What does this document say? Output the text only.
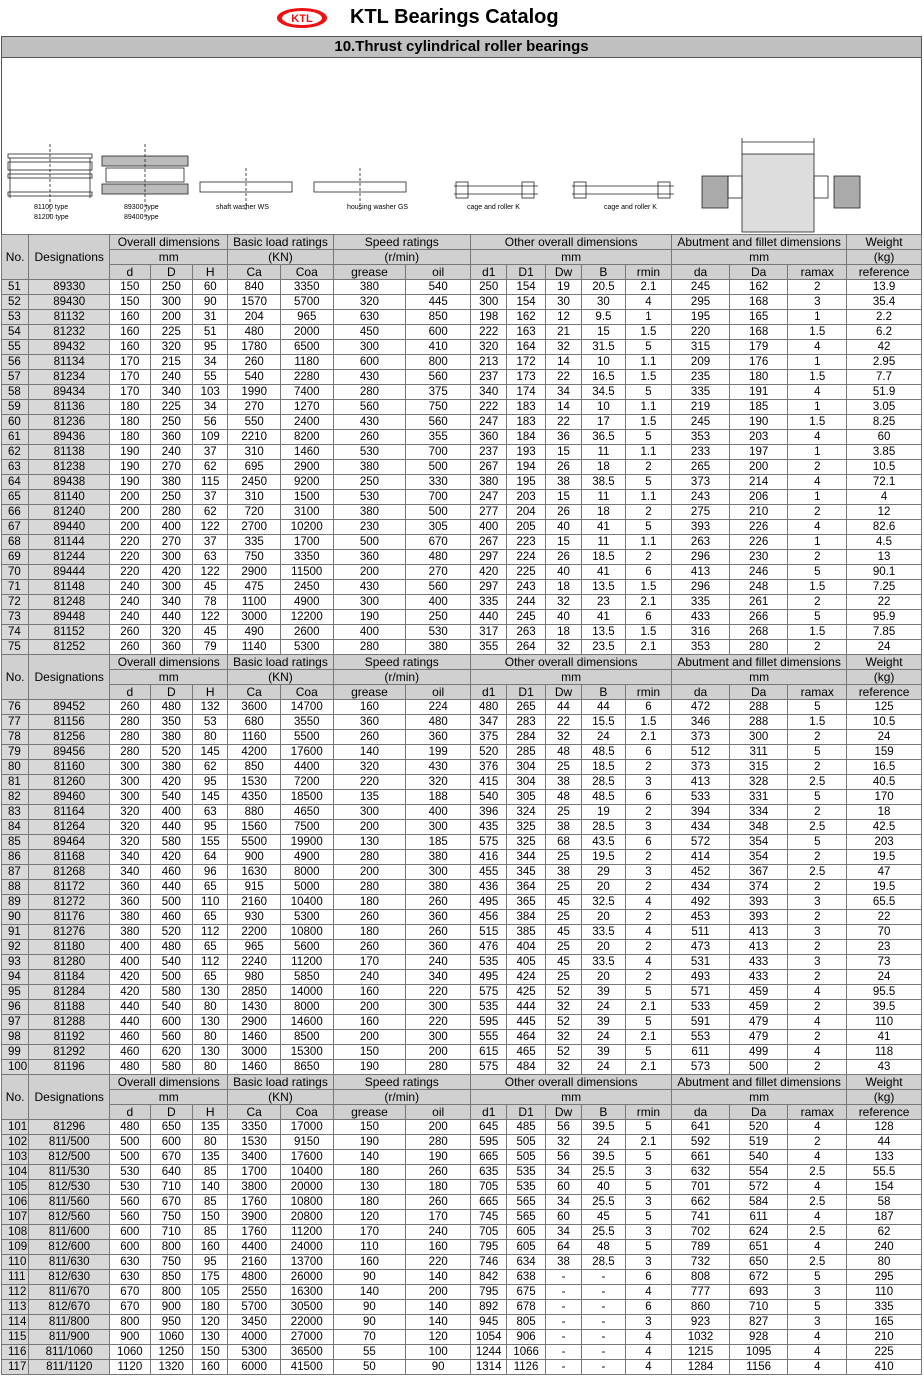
KTL KTL Bearings Catalog
10.Thrust cylindrical roller bearings
81100 type
81200 type
89300 type
89400 type
shaft washer WS	housing washer GS	cage and roller K	cage and roller K
No.	Designations	Overall dimensions			Basic load ratings		Speed ratings		Other overall dimensions					Abutment and fillet dimensions			Weight
		mm			(KN)		(r/min)		mm					mm			(kg)
		d	D	H	Ca	Coa	grease	oil	d1	D1	Dw	B	rmin	da	Da	ramax	reference
51	89330	150	250	60	840	3350	380	540	250	154	19	20.5	2.1	245	162	2	13.9
52	89430	150	300	90	1570	5700	320	445	300	154	30	30	4	295	168	3	35.4
53	81132	160	200	31	204	965	630	850	198	162	12	9.5	1	195	165	1	2.2
54	81232	160	225	51	480	2000	450	600	222	163	21	15	1.5	220	168	1.5	6.2
55	89432	160	320	95	1780	6500	300	410	320	164	32	31.5	5	315	179	4	42
56	81134	170	215	34	260	1180	600	800	213	172	14	10	1.1	209	176	1	2.95
57	81234	170	240	55	540	2280	430	560	237	173	22	16.5	1.5	235	180	1.5	7.7
58	89434	170	340	103	1990	7400	280	375	340	174	34	34.5	5	335	191	4	51.9
59	81136	180	225	34	270	1270	560	750	222	183	14	10	1.1	219	185	1	3.05
60	81236	180	250	56	550	2400	430	560	247	183	22	17	1.5	245	190	1.5	8.25
61	89436	180	360	109	2210	8200	260	355	360	184	36	36.5	5	353	203	4	60
62	81138	190	240	37	310	1460	530	700	237	193	15	11	1.1	233	197	1	3.85
63	81238	190	270	62	695	2900	380	500	267	194	26	18	2	265	200	2	10.5
64	89438	190	380	115	2450	9200	250	330	380	195	38	38.5	5	373	214	4	72.1
65	81140	200	250	37	310	1500	530	700	247	203	15	11	1.1	243	206	1	4
66	81240	200	280	62	720	3100	380	500	277	204	26	18	2	275	210	2	12
67	89440	200	400	122	2700	10200	230	305	400	205	40	41	5	393	226	4	82.6
68	81144	220	270	37	335	1700	500	670	267	223	15	11	1.1	263	226	1	4.5
69	81244	220	300	63	750	3350	360	480	297	224	26	18.5	2	296	230	2	13
70	89444	220	420	122	2900	11500	200	270	420	225	40	41	6	413	246	5	90.1
71	81148	240	300	45	475	2450	430	560	297	243	18	13.5	1.5	296	248	1.5	7.25
72	81248	240	340	78	1100	4900	300	400	335	244	32	23	2.1	335	261	2	22
73	89448	240	440	122	3000	12200	190	250	440	245	40	41	6	433	266	5	95.9
74	81152	260	320	45	490	2600	400	530	317	263	18	13.5	1.5	316	268	1.5	7.85
75	81252	260	360	79	1140	5300	280	380	355	264	32	23.5	2.1	353	280	2	24
No.	Designations	Overall dimensions			Basic load ratings		Speed ratings		Other overall dimensions					Abutment and fillet dimensions			Weight
		mm			(KN)		(r/min)		mm					mm			(kg)
		d	D	H	Ca	Coa	grease	oil	d1	D1	Dw	B	rmin	da	Da	ramax	reference
76	89452	260	480	132	3600	14700	160	224	480	265	44	44	6	472	288	5	125
77	81156	280	350	53	680	3550	360	480	347	283	22	15.5	1.5	346	288	1.5	10.5
78	81256	280	380	80	1160	5500	260	360	375	284	32	24	2.1	373	300	2	24
79	89456	280	520	145	4200	17600	140	199	520	285	48	48.5	6	512	311	5	159
80	81160	300	380	62	850	4400	320	430	376	304	25	18.5	2	373	315	2	16.5
81	81260	300	420	95	1530	7200	220	320	415	304	38	28.5	3	413	328	2.5	40.5
82	89460	300	540	145	4350	18500	135	188	540	305	48	48.5	6	533	331	5	170
83	81164	320	400	63	880	4650	300	400	396	324	25	19	2	394	334	2	18
84	81264	320	440	95	1560	7500	200	300	435	325	38	28.5	3	434	348	2.5	42.5
85	89464	320	580	155	5500	19900	130	185	575	325	68	43.5	6	572	354	5	203
86	81168	340	420	64	900	4900	280	380	416	344	25	19.5	2	414	354	2	19.5
87	81268	340	460	96	1630	8000	200	300	455	345	38	29	3	452	367	2.5	47
88	81172	360	440	65	915	5000	280	380	436	364	25	20	2	434	374	2	19.5
89	81272	360	500	110	2160	10400	180	260	495	365	45	32.5	4	492	393	3	65.5
90	81176	380	460	65	930	5300	260	360	456	384	25	20	2	453	393	2	22
91	81276	380	520	112	2200	10800	180	260	515	385	45	33.5	4	511	413	3	70
92	81180	400	480	65	965	5600	260	360	476	404	25	20	2	473	413	2	23
93	81280	400	540	112	2240	11200	170	240	535	405	45	33.5	4	531	433	3	73
94	81184	420	500	65	980	5850	240	340	495	424	25	20	2	493	433	2	24
95	81284	420	580	130	2850	14000	160	220	575	425	52	39	5	571	459	4	95.5
96	81188	440	540	80	1430	8000	200	300	535	444	32	24	2.1	533	459	2	39.5
97	81288	440	600	130	2900	14600	160	220	595	445	52	39	5	591	479	4	110
98	81192	460	560	80	1460	8500	200	300	555	464	32	24	2.1	553	479	2	41
99	81292	460	620	130	3000	15300	150	200	615	465	52	39	5	611	499	4	118
100	81196	480	580	80	1460	8650	190	280	575	484	32	24	2.1	573	500	2	43
No.	Designations	Overall dimensions			Basic load ratings		Speed ratings		Other overall dimensions					Abutment and fillet dimensions			Weight
		mm			(KN)		(r/min)		mm					mm			(kg)
		d	D	H	Ca	Coa	grease	oil	d1	D1	Dw	B	rmin	da	Da	ramax	reference
101	81296	480	650	135	3350	17000	150	200	645	485	56	39.5	5	641	520	4	128
102	811/500	500	600	80	1530	9150	190	280	595	505	32	24	2.1	592	519	2	44
103	812/500	500	670	135	3400	17600	140	190	665	505	56	39.5	5	661	540	4	133
104	811/530	530	640	85	1700	10400	180	260	635	535	34	25.5	3	632	554	2.5	55.5
105	812/530	530	710	140	3800	20000	130	180	705	535	60	40	5	701	572	4	154
106	811/560	560	670	85	1760	10800	180	260	665	565	34	25.5	3	662	584	2.5	58
107	812/560	560	750	150	3900	20800	120	170	745	565	60	45	5	741	611	4	187
108	811/600	600	710	85	1760	11200	170	240	705	605	34	25.5	3	702	624	2.5	62
109	812/600	600	800	160	4400	24000	110	160	795	605	64	48	5	789	651	4	240
110	811/630	630	750	95	2160	13700	160	220	746	634	38	28.5	3	732	650	2.5	80
111	812/630	630	850	175	4800	26000	90	140	842	638	-	-	6	808	672	5	295
112	811/670	670	800	105	2550	16300	140	200	795	675	-	-	4	777	693	3	110
113	812/670	670	900	180	5700	30500	90	140	892	678	-	-	6	860	710	5	335
114	811/800	800	950	120	3450	22000	90	140	945	805	-	-	3	923	827	3	165
115	811/900	900	1060	130	4000	27000	70	120	1054	906	-	-	4	1032	928	4	210
116	811/1060	1060	1250	150	5300	36500	55	100	1244	1066	-	-	4	1215	1095	4	225
117	811/1120	1120	1320	160	6000	41500	50	90	1314	1126	-	-	4	1284	1156	4	410
